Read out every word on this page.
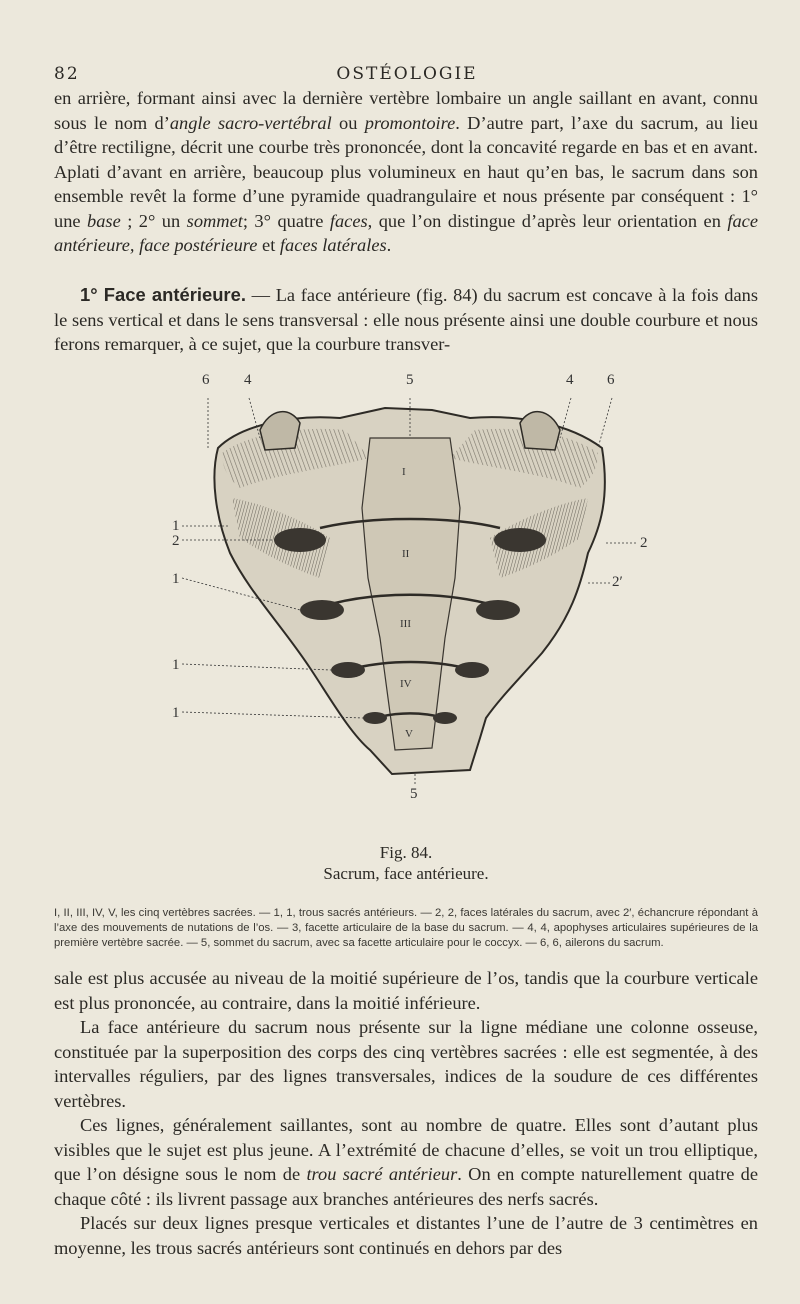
82	OSTÉOLOGIE

en arrière, formant ainsi avec la dernière vertèbre lombaire un angle saillant en avant, connu sous le nom d’angle sacro-vertébral ou promontoire. D’autre part, l’axe du sacrum, au lieu d’être rectiligne, décrit une courbe très prononcée, dont la concavité regarde en bas et en avant. Aplati d’avant en arrière, beaucoup plus volumineux en haut qu’en bas, le sacrum dans son ensemble revêt la forme d’une pyramide quadrangulaire et nous présente par conséquent : 1° une base ; 2° un sommet; 3° quatre faces, que l’on distingue d’après leur orientation en face antérieure, face postérieure et faces latérales.

1° Face antérieure. — La face antérieure (fig. 84) du sacrum est concave à la fois dans le sens vertical et dans le sens transversal : elle nous présente ainsi une double courbure et nous ferons remarquer, à ce sujet, que la courbure transver-

6 4	5	4 6
1
2
1
1
1
2
2′
5
I
II
III
IV
V
Fig. 84.
Sacrum, face antérieure.

I, II, III, IV, V, les cinq vertèbres sacrées. — 1, 1, trous sacrés antérieurs. — 2, 2, faces latérales du sacrum, avec 2′, échancrure répondant à l’axe des mouvements de nutations de l’os. — 3, facette articulaire de la base du sacrum. — 4, 4, apophyses articulaires supérieures de la première vertèbre sacrée. — 5, sommet du sacrum, avec sa facette articulaire pour le coccyx. — 6, 6, ailerons du sacrum.

sale est plus accusée au niveau de la moitié supérieure de l’os, tandis que la courbure verticale est plus prononcée, au contraire, dans la moitié inférieure.

La face antérieure du sacrum nous présente sur la ligne médiane une colonne osseuse, constituée par la superposition des corps des cinq vertèbres sacrées : elle est segmentée, à des intervalles réguliers, par des lignes transversales, indices de la soudure de ces différentes vertèbres.

Ces lignes, généralement saillantes, sont au nombre de quatre. Elles sont d’autant plus visibles que le sujet est plus jeune. A l’extrémité de chacune d’elles, se voit un trou elliptique, que l’on désigne sous le nom de trou sacré antérieur. On en compte naturellement quatre de chaque côté : ils livrent passage aux branches antérieures des nerfs sacrés.

Placés sur deux lignes presque verticales et distantes l’une de l’autre de 3 centimètres en moyenne, les trous sacrés antérieurs sont continués en dehors par des
